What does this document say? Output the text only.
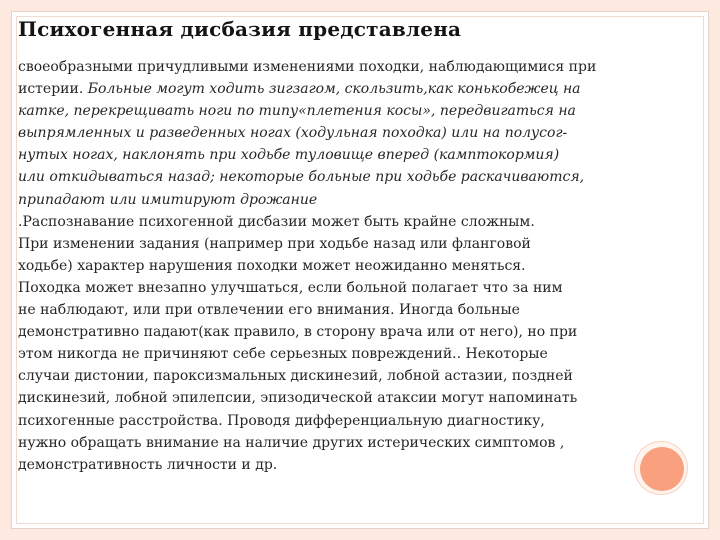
Психогенная дисбазия представлена

своеобразными причудливыми изменениями походки, наблюдающимися при

истерии. Больные могут ходить зигзагом, скользить,как конькобежец на

катке, перекрещивать ноги по типу«плетения косы», передвигаться на

выпрямленных и разведенных ногах (ходульная походка) или на полусог-

нутых ногах, наклонять при ходьбе туловище вперед (камптокормия)

или откидываться назад; некоторые больные при ходьбе раскачиваются,

припадают или имитируют дрожание

.Распознавание психогенной дисбазии может быть крайне сложным.

При изменении задания (например при ходьбе назад или фланговой

ходьбе) характер нарушения походки может неожиданно меняться.

Походка может внезапно улучшаться, если больной полагает что за ним

не наблюдают, или при отвлечении его внимания. Иногда больные

демонстративно падают(как правило, в сторону врача или от него), но при

этом никогда не причиняют себе серьезных повреждений.. Некоторые

случаи дистонии, пароксизмальных дискинезий, лобной астазии, поздней

дискинезий, лобной эпилепсии, эпизодической атаксии могут напоминать

психогенные расстройства. Проводя дифференциальную диагностику,

нужно обращать внимание на наличие других истерических симптомов ,

демонстративность личности и др.
